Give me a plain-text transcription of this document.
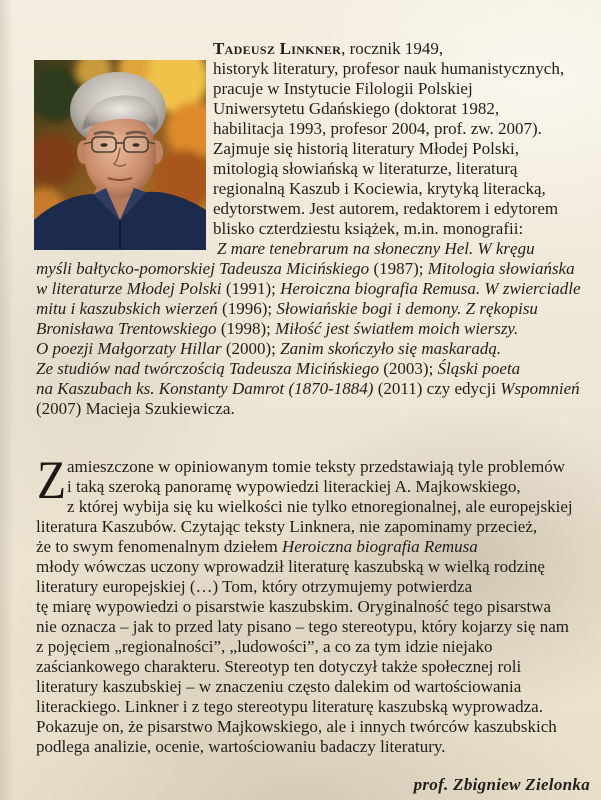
Tadeusz Linkner, rocznik 1949,
historyk literatury, profesor nauk humanistycznych,
pracuje w Instytucie Filologii Polskiej
Uniwersytetu Gdańskiego (doktorat 1982,
habilitacja 1993, profesor 2004, prof. zw. 2007).
Zajmuje się historią literatury Młodej Polski,
mitologią słowiańską w literaturze, literaturą
regionalną Kaszub i Kociewia, krytyką literacką,
edytorstwem. Jest autorem, redaktorem i edytorem
blisko czterdziestu książek, m.in. monografii:
Z mare tenebrarum na słoneczny Hel. W kręgu
myśli bałtycko-pomorskiej Tadeusza Micińskiego (1987); Mitologia słowiańska
w literaturze Młodej Polski (1991); Heroiczna biografia Remusa. W zwierciadle
mitu i kaszubskich wierzeń (1996); Słowiańskie bogi i demony. Z rękopisu
Bronisława Trentowskiego (1998); Miłość jest światłem moich wierszy.
O poezji Małgorzaty Hillar (2000); Zanim skończyło się maskaradą.
Ze studiów nad twórczością Tadeusza Micińskiego (2003); Śląski poeta
na Kaszubach ks. Konstanty Damrot (1870-1884) (2011) czy edycji Wspomnień
(2007) Macieja Szukiewicza.
Z amieszczone w opiniowanym tomie teksty przedstawiają tyle problemów
i taką szeroką panoramę wypowiedzi literackiej A. Majkowskiego,
z której wybija się ku wielkości nie tylko etnoregionalnej, ale europejskiej
literatura Kaszubów. Czytając teksty Linknera, nie zapominamy przecież,
że to swym fenomenalnym dziełem Heroiczna biografia Remusa
młody wówczas uczony wprowadził literaturę kaszubską w wielką rodzinę
literatury europejskiej (…) Tom, który otrzymujemy potwierdza
tę miarę wypowiedzi o pisarstwie kaszubskim. Oryginalność tego pisarstwa
nie oznacza – jak to przed laty pisano – tego stereotypu, który kojarzy się nam
z pojęciem „regionalności”, „ludowości”, a co za tym idzie niejako
zaściankowego charakteru. Stereotyp ten dotyczył także społecznej roli
literatury kaszubskiej – w znaczeniu często dalekim od wartościowania
literackiego. Linkner i z tego stereotypu literaturę kaszubską wyprowadza.
Pokazuje on, że pisarstwo Majkowskiego, ale i innych twórców kaszubskich
podlega analizie, ocenie, wartościowaniu badaczy literatury.
prof. Zbigniew Zielonka
